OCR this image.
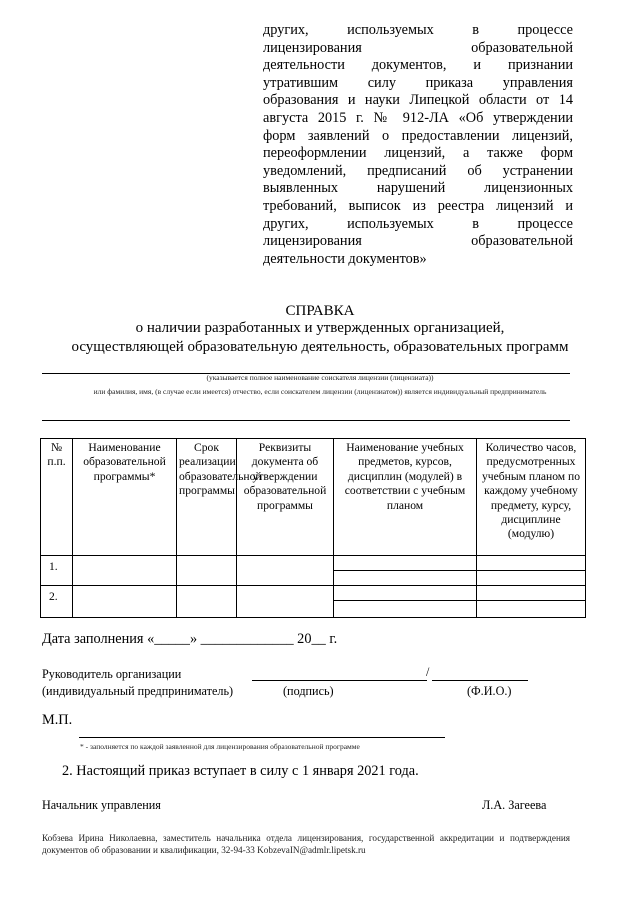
других, используемых в процессе
лицензирования образовательной
деятельности документов, и признании
утратившим силу приказа управления
образования и науки Липецкой области от 14
августа 2015 г. № 912-ЛА «Об утверждении
форм заявлений о предоставлении лицензий,
переоформлении лицензий, а также форм
уведомлений, предписаний об устранении
выявленных нарушений лицензионных
требований, выписок из реестра лицензий и
других, используемых в процессе
лицензирования образовательной
деятельности документов»
СПРАВКА
о наличии разработанных и утвержденных организацией,
осуществляющей образовательную деятельность, образовательных программ
(указывается полное наименование соискателя лицензии (лицензиата))
или фамилия, имя, (в случае если имеется) отчество, если соискателем лицензии (лицензиатом)) является индивидуальный предприниматель
№ п.п.	Наименование образовательной программы*	Срок реализации образовательной программы	Реквизиты документа об утверждении образовательной программы	Наименование учебных предметов, курсов, дисциплин (модулей) в соответствии с учебным планом	Количество часов, предусмотренных учебным планом по каждому учебному предмету, курсу, дисциплине (модулю)
1.				

2.				

Дата заполнения «_____» _____________ 20__ г.
Руководитель организации	/
(индивидуальный предприниматель)	(подпись)	(Ф.И.О.)
М.П.
* - заполняется по каждой заявленной для лицензирования образовательной программе
2. Настоящий приказ вступает в силу с 1 января 2021 года.
Начальник управления	Л.А. Загеева
Кобзева Ирина Николаевна, заместитель начальника отдела лицензирования, государственной аккредитации и подтверждения документов об образовании и квалификации, 32-94-33 KobzevaIN@admlr.lipetsk.ru
